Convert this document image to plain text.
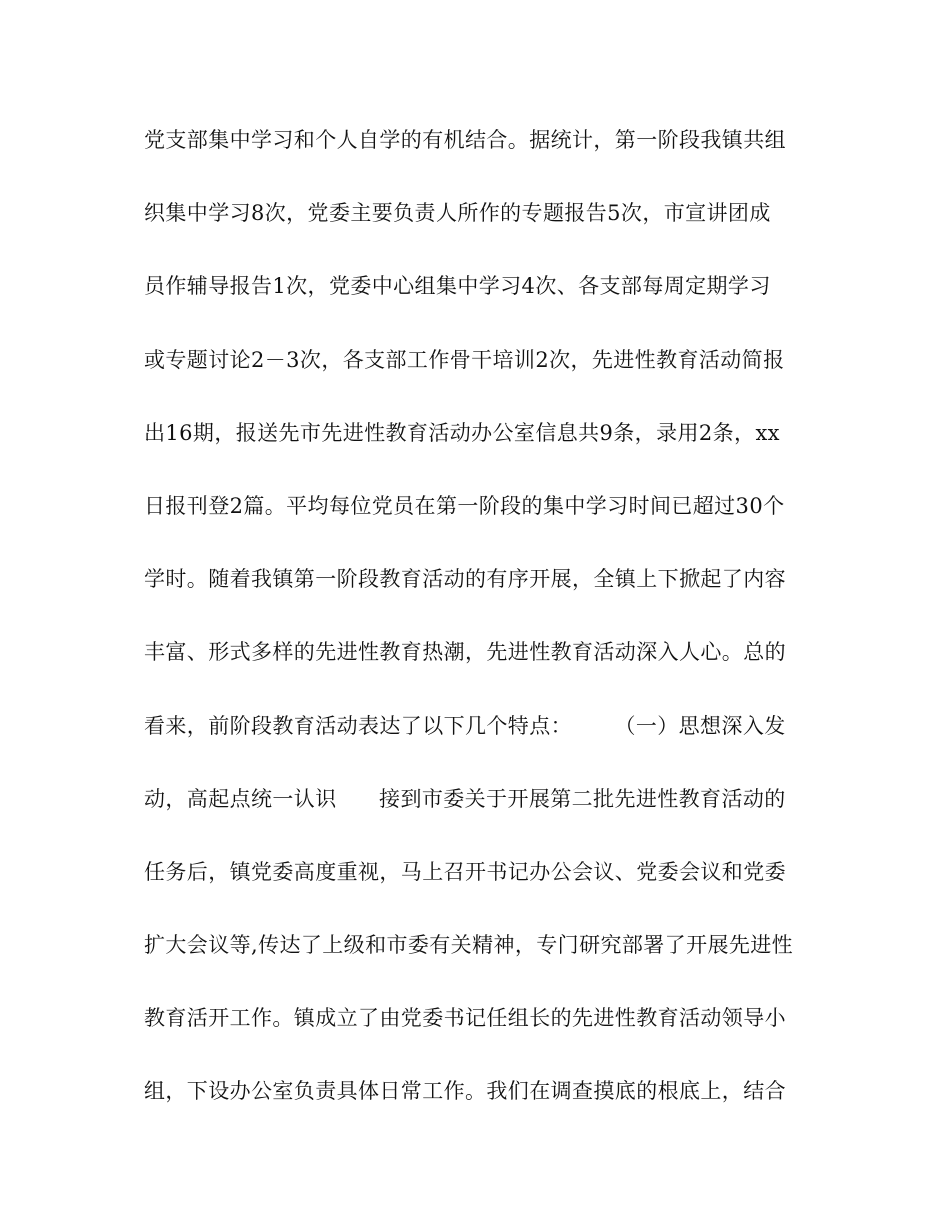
党支部集中学习和个人自学的有机结合。据统计，第一阶段我镇共组
织集中学习8次，党委主要负责人所作的专题报告5次，市宣讲团成
员作辅导报告1次，党委中心组集中学习4次、各支部每周定期学习
或专题讨论2－3次，各支部工作骨干培训2次，先进性教育活动简报
出16期，报送先市先进性教育活动办公室信息共9条，录用2条，xx
日报刊登2篇。平均每位党员在第一阶段的集中学习时间已超过30个
学时。随着我镇第一阶段教育活动的有序开展，全镇上下掀起了内容
丰富、形式多样的先进性教育热潮，先进性教育活动深入人心。总的
看来，前阶段教育活动表达了以下几个特点：      （一）思想深入发
动，高起点统一认识      接到市委关于开展第二批先进性教育活动的
任务后，镇党委高度重视，马上召开书记办公会议、党委会议和党委
扩大会议等,传达了上级和市委有关精神，专门研究部署了开展先进性
教育活开工作。镇成立了由党委书记任组长的先进性教育活动领导小
组，下设办公室负责具体日常工作。我们在调查摸底的根底上，结合
